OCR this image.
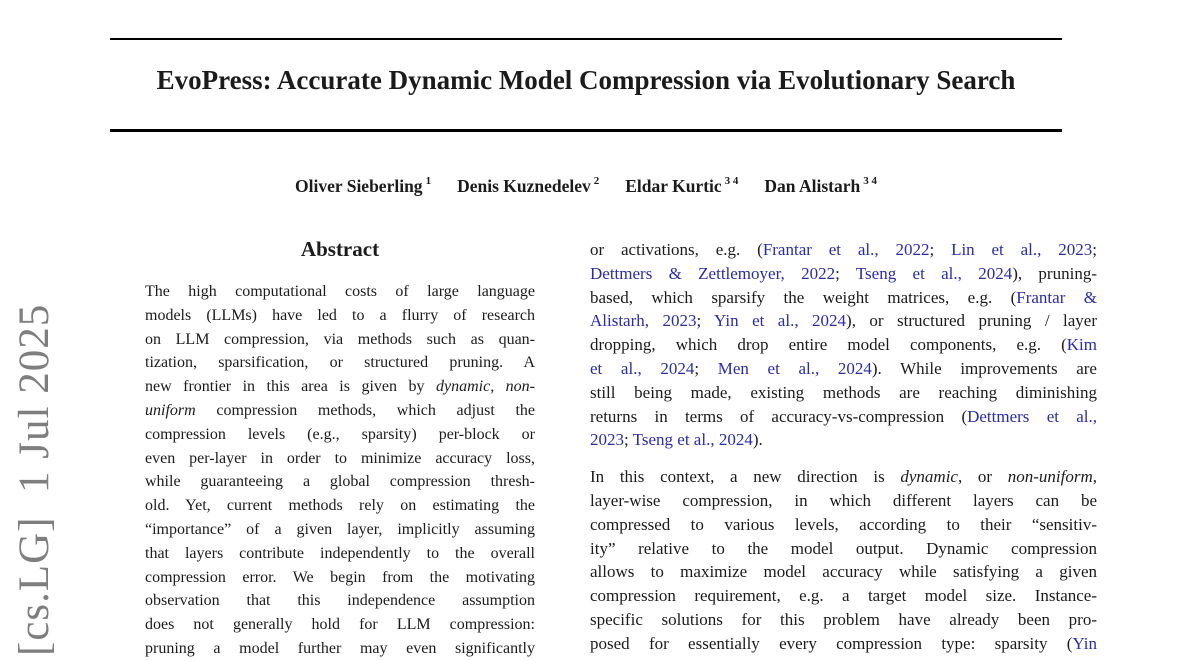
[cs.LG]  1 Jul 2025
EvoPress: Accurate Dynamic Model Compression via Evolutionary Search
Oliver Sieberling $^1$ Denis Kuznedelev $^2$ Eldar Kurtic $^{3 4}$ Dan Alistarh $^{3 4}$
Abstract
The high computational costs of large language
models (LLMs) have led to a flurry of research
on LLM compression, via methods such as quan-
tization, sparsification, or structured pruning. A
new frontier in this area is given by dynamic, non-
uniform compression methods, which adjust the
compression levels (e.g., sparsity) per-block or
even per-layer in order to minimize accuracy loss,
while guaranteeing a global compression thresh-
old. Yet, current methods rely on estimating the
“importance” of a given layer, implicitly assuming
that layers contribute independently to the overall
compression error. We begin from the motivating
observation that this independence assumption
does not generally hold for LLM compression:
pruning a model further may even significantly
or activations, e.g. (Frantar et al., 2022; Lin et al., 2023;
Dettmers & Zettlemoyer, 2022; Tseng et al., 2024), pruning-
based, which sparsify the weight matrices, e.g. (Frantar &
Alistarh, 2023; Yin et al., 2024), or structured pruning / layer
dropping, which drop entire model components, e.g. (Kim
et al., 2024; Men et al., 2024). While improvements are
still being made, existing methods are reaching diminishing
returns in terms of accuracy-vs-compression (Dettmers et al.,
2023; Tseng et al., 2024).
In this context, a new direction is dynamic, or non-uniform,
layer-wise compression, in which different layers can be
compressed to various levels, according to their “sensitiv-
ity” relative to the model output. Dynamic compression
allows to maximize model accuracy while satisfying a given
compression requirement, e.g. a target model size. Instance-
specific solutions for this problem have already been pro-
posed for essentially every compression type: sparsity (Yin
